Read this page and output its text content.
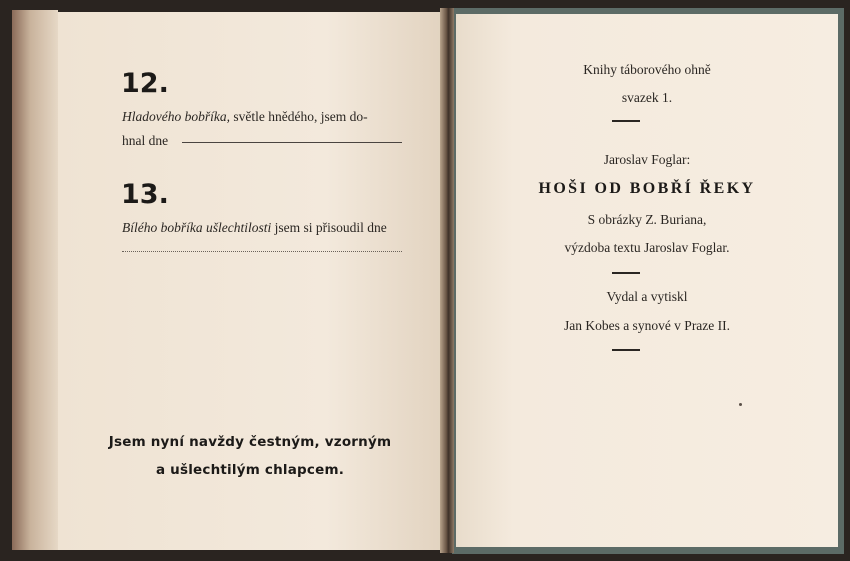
12.
Hladového bobříka, světle hnědého, jsem do-
hnal dne
13.
Bílého bobříka ušlechtilosti jsem si přisoudil dne
Jsem nyní navždy čestným, vzorným
a ušlechtilým chlapcem.
Knihy táborového ohně
svazek 1.
Jaroslav Foglar:
HOŠI OD BOBŘÍ ŘEKY
S obrázky Z. Buriana,
výzdoba textu Jaroslav Foglar.
Vydal a vytiskl
Jan Kobes a synové v Praze II.
